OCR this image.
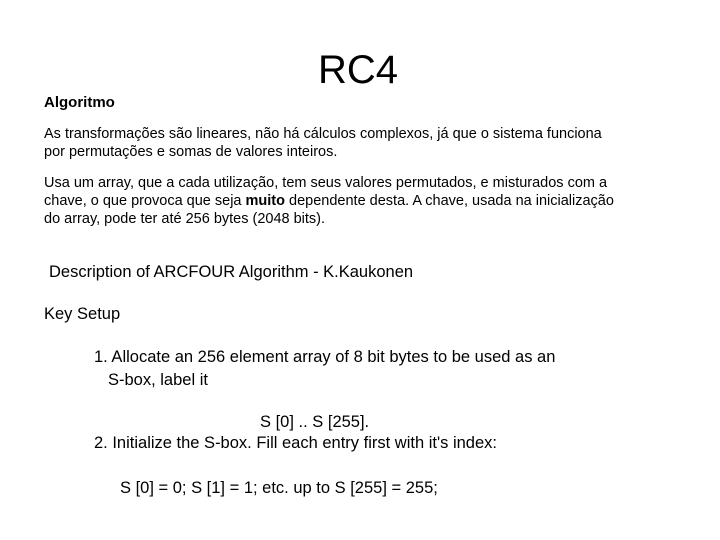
RC4
Algoritmo
As transformações são lineares, não há cálculos complexos, já que o sistema funciona
por permutações e somas de valores inteiros.
Usa um array, que a cada utilização, tem seus valores permutados, e misturados com a
chave, o que provoca que seja muito dependente desta. A chave, usada na inicialização
do array, pode ter até 256 bytes (2048 bits).
Description of ARCFOUR Algorithm - K.Kaukonen
Key Setup
1. Allocate an 256 element array of 8 bit bytes to be used as an
S-box, label it
S [0] .. S [255].
2. Initialize the S-box. Fill each entry first with it's index:
S [0] = 0; S [1] = 1; etc. up to S [255] = 255;
